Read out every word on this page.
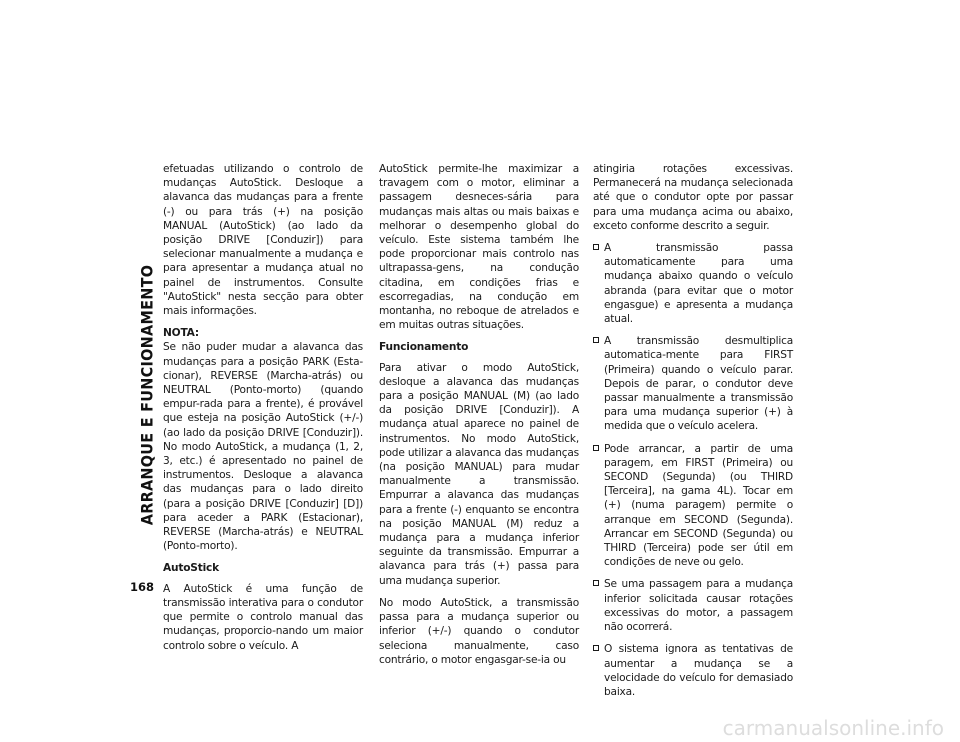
ARRANQUE E FUNCIONAMENTO
168

efetuadas utilizando o controlo de mudanças AutoStick. Desloque a alavanca das mudanças para a frente (-) ou para trás (+) na posição MANUAL (AutoStick) (ao lado da posição DRIVE [Conduzir]) para selecionar manualmente a mudança e para apresentar a mudança atual no painel de instrumentos. Consulte "AutoStick" nesta secção para obter mais informações.

NOTA:
Se não puder mudar a alavanca das mudanças para a posição PARK (Esta-cionar), REVERSE (Marcha-atrás) ou NEUTRAL (Ponto-morto) (quando empur-rada para a frente), é provável que esteja na posição AutoStick (+/-) (ao lado da posição DRIVE [Conduzir]). No modo AutoStick, a mudança (1, 2, 3, etc.) é apresentado no painel de instrumentos. Desloque a alavanca das mudanças para o lado direito (para a posição DRIVE [Conduzir] [D]) para aceder a PARK (Estacionar), REVERSE (Marcha-atrás) e NEUTRAL (Ponto-morto).

AutoStick

A AutoStick é uma função de transmissão interativa para o condutor que permite o controlo manual das mudanças, proporcio-nando um maior controlo sobre o veículo. A

AutoStick permite-lhe maximizar a travagem com o motor, eliminar a passagem desneces-sária para mudanças mais altas ou mais baixas e melhorar o desempenho global do veículo. Este sistema também lhe pode proporcionar mais controlo nas ultrapassa-gens, na condução citadina, em condições frias e escorregadias, na condução em montanha, no reboque de atrelados e em muitas outras situações.

Funcionamento

Para ativar o modo AutoStick, desloque a alavanca das mudanças para a posição MANUAL (M) (ao lado da posição DRIVE [Conduzir]). A mudança atual aparece no painel de instrumentos. No modo AutoStick, pode utilizar a alavanca das mudanças (na posição MANUAL) para mudar manualmente a transmissão. Empurrar a alavanca das mudanças para a frente (-) enquanto se encontra na posição MANUAL (M) reduz a mudança para a mudança inferior seguinte da transmissão. Empurrar a alavanca para trás (+) passa para uma mudança superior.

No modo AutoStick, a transmissão passa para a mudança superior ou inferior (+/-) quando o condutor seleciona manualmente, caso contrário, o motor engasgar-se-ia ou

atingiria rotações excessivas. Permanecerá na mudança selecionada até que o condutor opte por passar para uma mudança acima ou abaixo, exceto conforme descrito a seguir.

A transmissão passa automaticamente para uma mudança abaixo quando o veículo abranda (para evitar que o motor engasgue) e apresenta a mudança atual.
A transmissão desmultiplica automatica-mente para FIRST (Primeira) quando o veículo parar. Depois de parar, o condutor deve passar manualmente a transmissão para uma mudança superior (+) à medida que o veículo acelera.
Pode arrancar, a partir de uma paragem, em FIRST (Primeira) ou SECOND (Segunda) (ou THIRD [Terceira], na gama 4L). Tocar em (+) (numa paragem) permite o arranque em SECOND (Segunda). Arrancar em SECOND (Segunda) ou THIRD (Terceira) pode ser útil em condições de neve ou gelo.
Se uma passagem para a mudança inferior solicitada causar rotações excessivas do motor, a passagem não ocorrerá.
O sistema ignora as tentativas de aumentar a mudança se a velocidade do veículo for demasiado baixa.
carmanualsonline.info
